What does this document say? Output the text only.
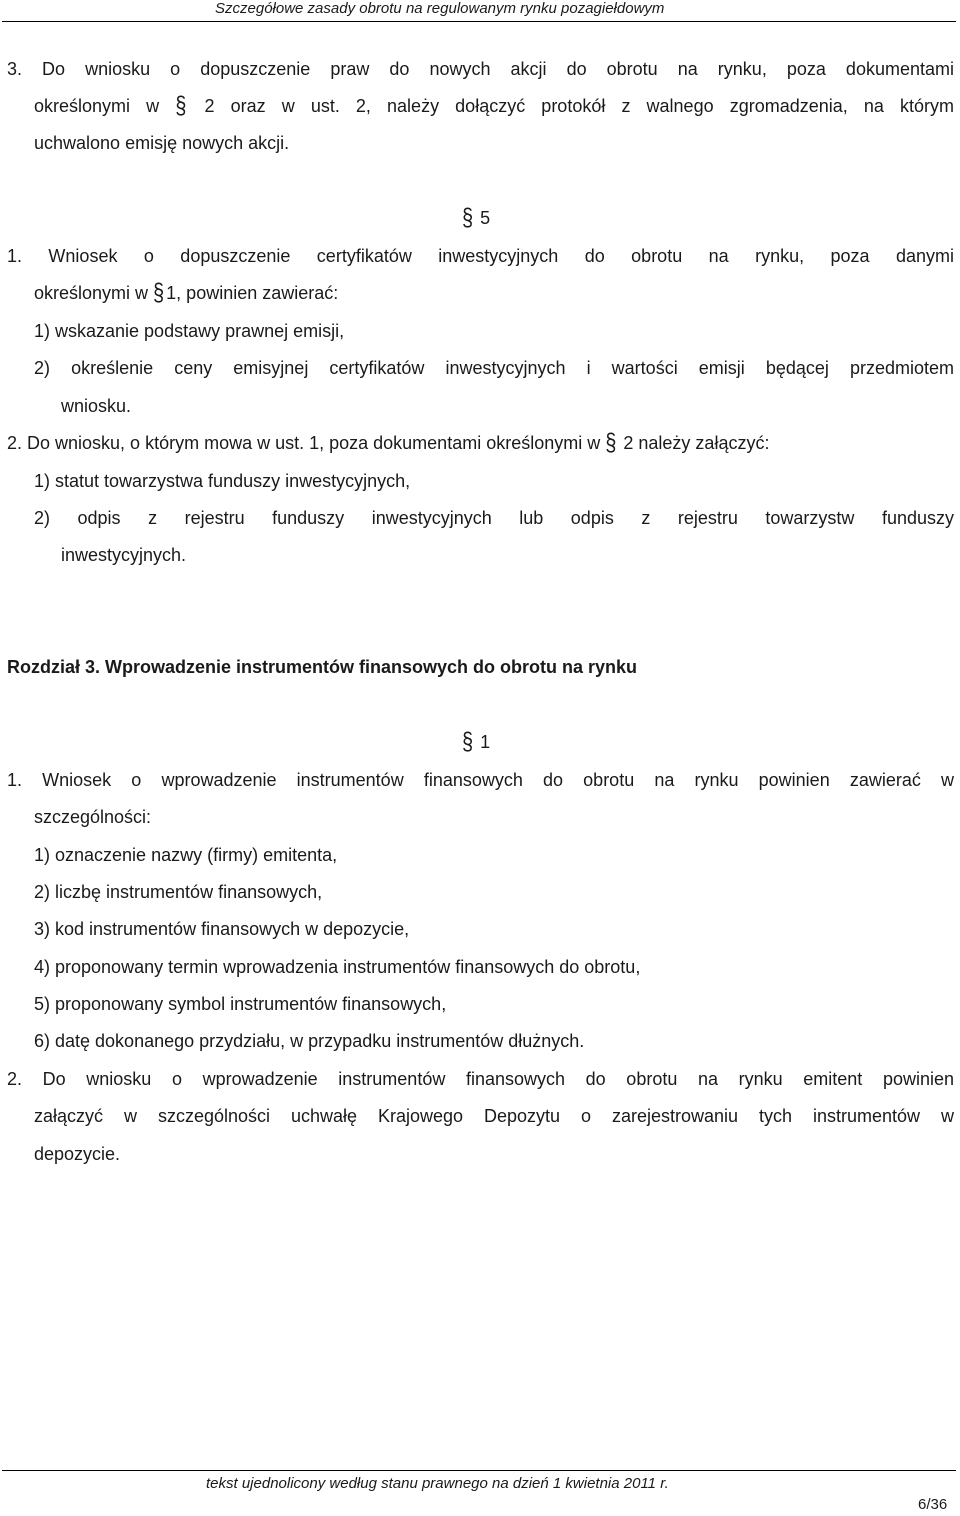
Szczegółowe zasady obrotu na regulowanym rynku pozagiełdowym
3. Do wniosku o dopuszczenie praw do nowych akcji do obrotu na rynku, poza dokumentami
określonymi w § 2 oraz w ust. 2, należy dołączyć protokół z walnego zgromadzenia, na którym
uchwalono emisję nowych akcji.
§ 5
1. Wniosek o dopuszczenie certyfikatów inwestycyjnych do obrotu na rynku, poza danymi
określonymi w § 1, powinien zawierać:
1) wskazanie podstawy prawnej emisji,
2) określenie ceny emisyjnej certyfikatów inwestycyjnych i wartości emisji będącej przedmiotem
wniosku.
2. Do wniosku, o którym mowa w ust. 1, poza dokumentami określonymi w § 2 należy załączyć:
1) statut towarzystwa funduszy inwestycyjnych,
2) odpis z rejestru funduszy inwestycyjnych lub odpis z rejestru towarzystw funduszy
inwestycyjnych.
Rozdział 3. Wprowadzenie instrumentów finansowych do obrotu na rynku
§ 1
1. Wniosek o wprowadzenie instrumentów finansowych do obrotu na rynku powinien zawierać w
szczególności:
1) oznaczenie nazwy (firmy) emitenta,
2) liczbę instrumentów finansowych,
3) kod instrumentów finansowych w depozycie,
4) proponowany termin wprowadzenia instrumentów finansowych do obrotu,
5) proponowany symbol instrumentów finansowych,
6) datę dokonanego przydziału, w przypadku instrumentów dłużnych.
2. Do wniosku o wprowadzenie instrumentów finansowych do obrotu na rynku emitent powinien
załączyć w szczególności uchwałę Krajowego Depozytu o zarejestrowaniu tych instrumentów w
depozycie.
tekst ujednolicony według stanu prawnego na dzień 1 kwietnia 2011 r.
6/36
